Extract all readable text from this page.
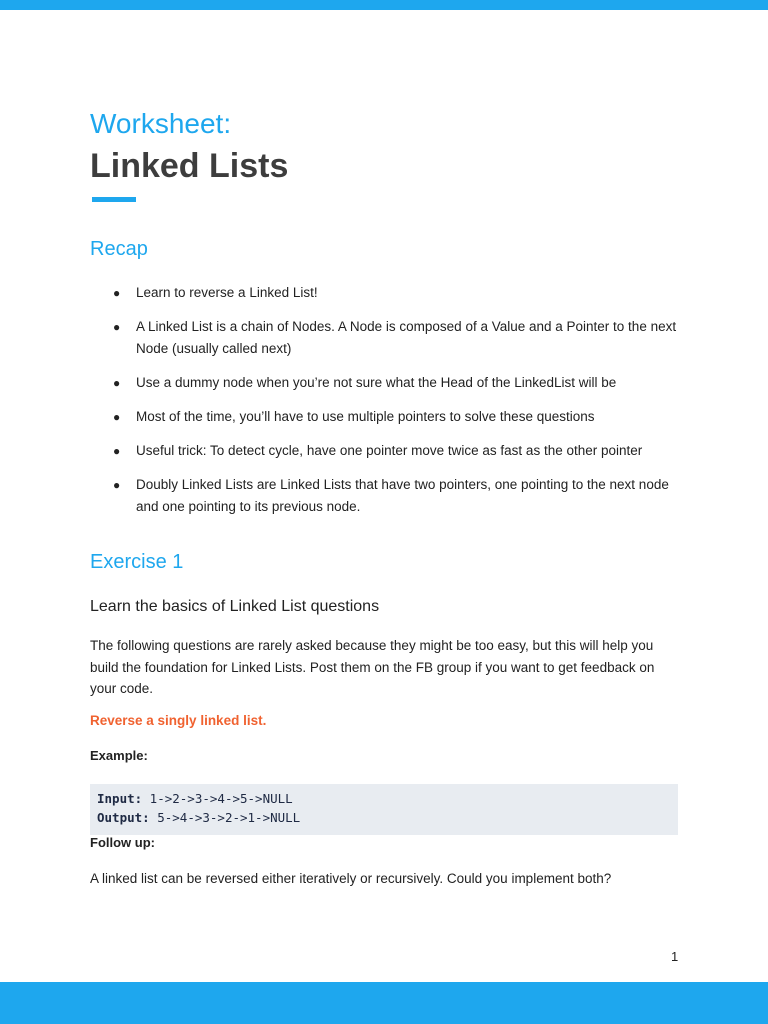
Worksheet:
Linked Lists
Recap
● Learn to reverse a Linked List!
● A Linked List is a chain of Nodes. A Node is composed of a Value and a Pointer to the next Node (usually called next)
● Use a dummy node when you’re not sure what the Head of the LinkedList will be
● Most of the time, you’ll have to use multiple pointers to solve these questions
● Useful trick: To detect cycle, have one pointer move twice as fast as the other pointer
● Doubly Linked Lists are Linked Lists that have two pointers, one pointing to the next node and one pointing to its previous node.
Exercise 1
Learn the basics of Linked List questions
The following questions are rarely asked because they might be too easy, but this will help you build the foundation for Linked Lists. Post them on the FB group if you want to get feedback on your code.
Reverse a singly linked list.
Example:
Input: 1->2->3->4->5->NULL
Output: 5->4->3->2->1->NULL
Follow up:
A linked list can be reversed either iteratively or recursively. Could you implement both?
1
